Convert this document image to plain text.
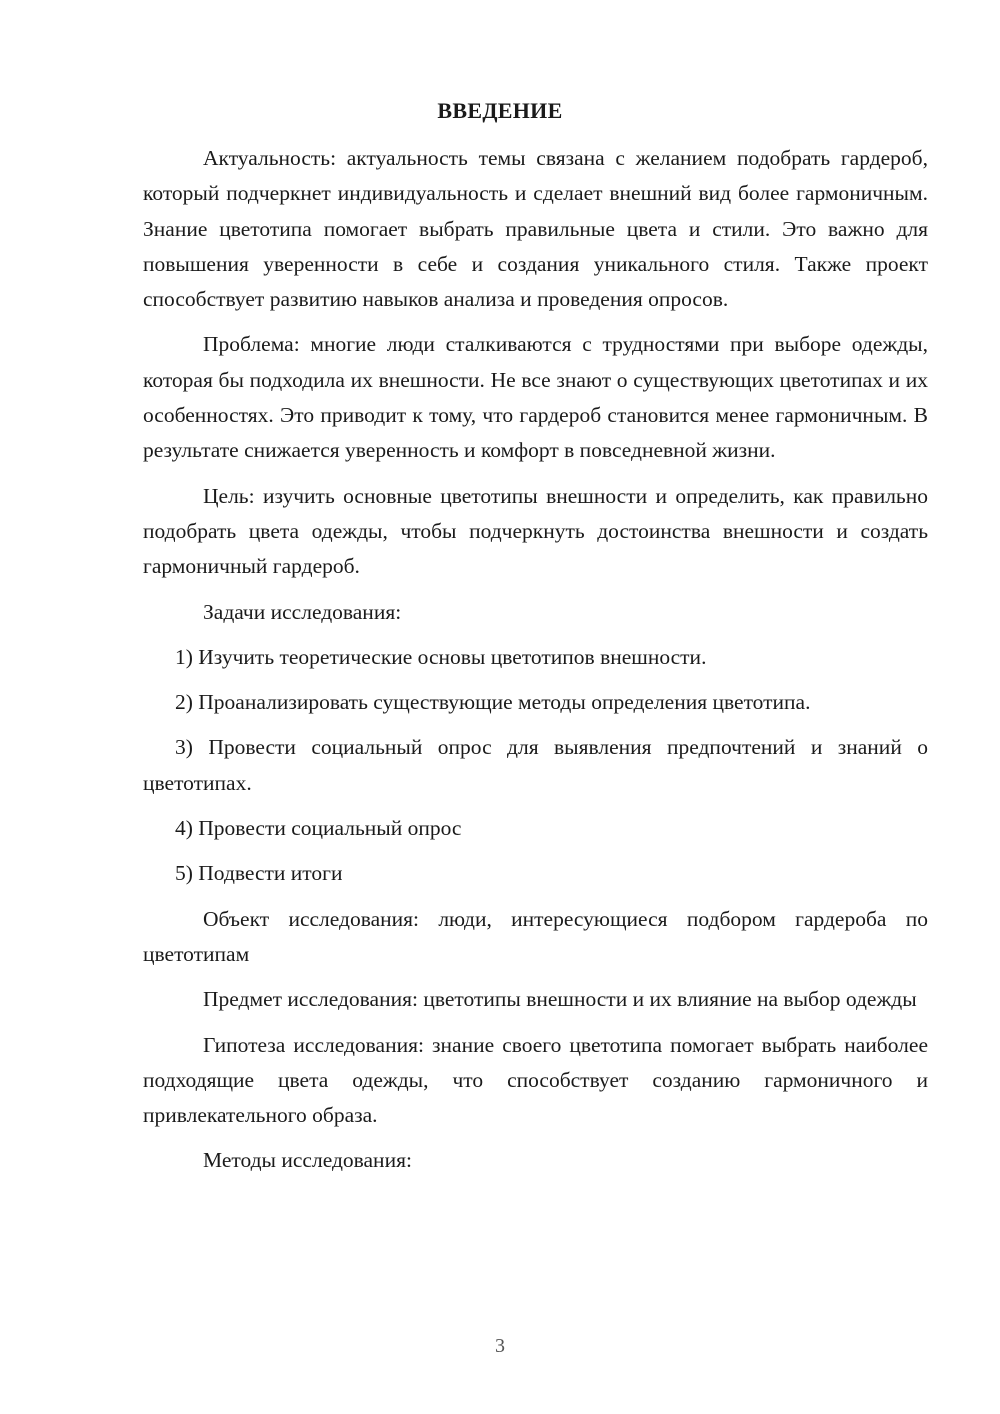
ВВЕДЕНИЕ

Актуальность: актуальность темы связана с желанием подобрать гардероб, который подчеркнет индивидуальность и сделает внешний вид более гармоничным. Знание цветотипа помогает выбрать правильные цвета и стили. Это важно для повышения уверенности в себе и создания уникального стиля. Также проект способствует развитию навыков анализа и проведения опросов.

Проблема: многие люди сталкиваются с трудностями при выборе одежды, которая бы подходила их внешности. Не все знают о существующих цветотипах и их особенностях. Это приводит к тому, что гардероб становится менее гармоничным. В результате снижается уверенность и комфорт в повседневной жизни.

Цель: изучить основные цветотипы внешности и определить, как правильно подобрать цвета одежды, чтобы подчеркнуть достоинства внешности и создать гармоничный гардероб.

Задачи исследования:

1) Изучить теоретические основы цветотипов внешности.

2) Проанализировать существующие методы определения цветотипа.

3) Провести социальный опрос для выявления предпочтений и знаний о цветотипах.

4) Провести социальный опрос

5) Подвести итоги

Объект исследования: люди, интересующиеся подбором гардероба по цветотипам

Предмет исследования: цветотипы внешности и их влияние на выбор одежды

Гипотеза исследования: знание своего цветотипа помогает выбрать наиболее подходящие цвета одежды, что способствует созданию гармоничного и привлекательного образа.

Методы исследования:

3
